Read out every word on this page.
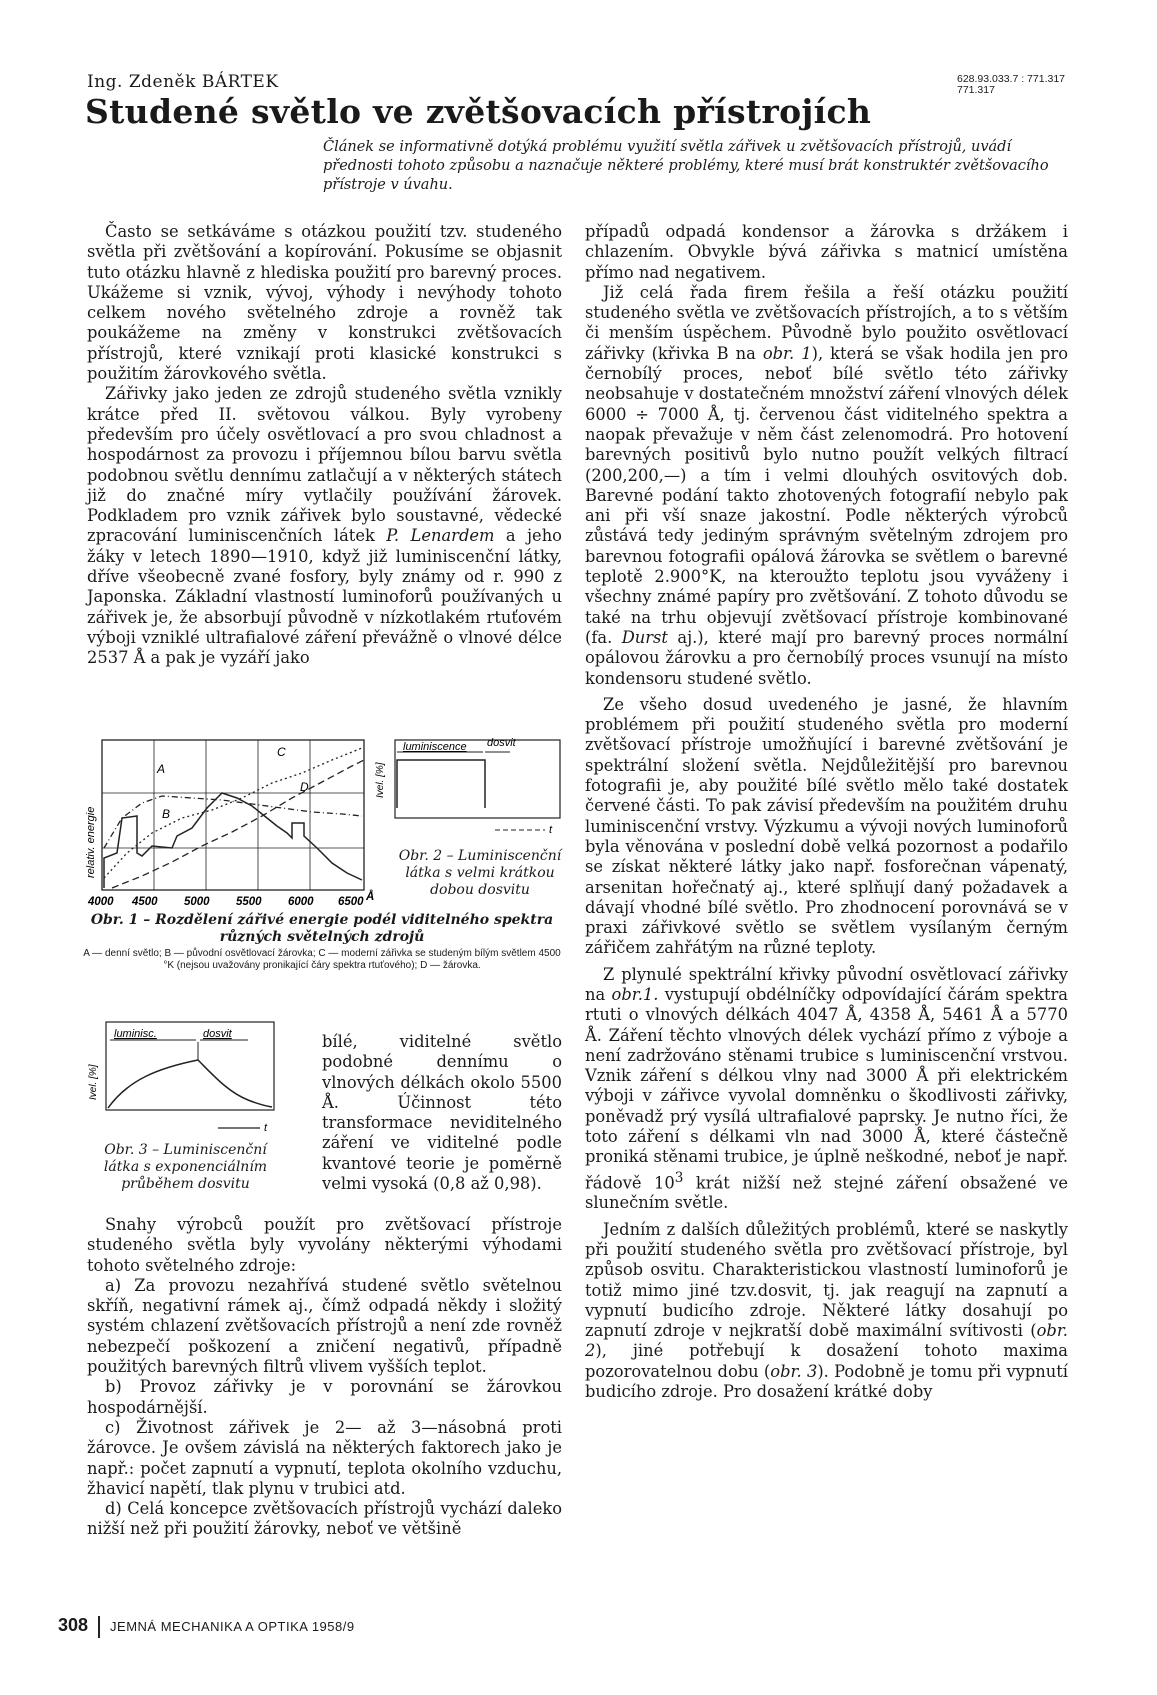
Ing. Zdeněk BÁRTEK
Studené světlo ve zvětšovacích přístrojích
628.93.033.7 : 771.317
771.317
Článek se informativně dotýká problému využití světla zářivek u zvětšovacích přístrojů, uvádí přednosti tohoto způsobu a naznačuje některé problémy, které musí brát konstruktér zvětšovacího přístroje v úvahu.

Často se setkáváme s otázkou použití tzv. studeného světla při zvětšování a kopírování. Pokusíme se objasnit tuto otázku hlavně z hlediska použití pro barevný proces. Ukážeme si vznik, vývoj, výhody i nevýhody tohoto celkem nového světelného zdroje a rovněž tak poukážeme na změny v konstrukci zvětšovacích přístrojů, které vznikají proti klasické konstrukci s použitím žárovkového světla.

Zářivky jako jeden ze zdrojů studeného světla vznikly krátce před II. světovou válkou. Byly vyrobeny především pro účely osvětlovací a pro svou chladnost a hospodárnost za provozu i příjemnou bílou barvu světla podobnou světlu dennímu zatlačují a v některých státech již do značné míry vytlačily používání žárovek. Podkladem pro vznik zářivek bylo soustavné, vědecké zpracování luminiscenčních látek P. Lenardem a jeho žáky v letech 1890—1910, když již luminiscenční látky, dříve všeobecně zvané fosfory, byly známy od r. 990 z Japonska. Základní vlastností luminoforů používaných u zářivek je, že absorbují původně v nízkotlakém rtuťovém výboji vzniklé ultrafialové záření převážně o vlnové délce 2537 Å a pak je vyzáří jako

C
A
B
D
relativ. energie
4000 4500 5000 5500 6000 6500 Å
Obr. 1 – Rozdělení zářivé energie podél viditelného spektra různých světelných zdrojů
A — denní světlo; B — původní osvětlovací žárovka; C — moderní zářivka se studeným bílým světlem 4500 °K (nejsou uvažovány pronikající čáry spektra rtuťového); D — žárovka.
luminiscence dosvit
Ivel. [%]
t
Obr. 2 – Luminiscenční látka s velmi krátkou dobou dosvitu
luminisc.	dosvit
Ivel. [%]
t
Obr. 3 – Luminiscenční látka s exponenciálním průběhem dosvitu

bílé, viditelné světlo podobné dennímu o vlnových délkách okolo 5500 Å. Účinnost této transformace neviditelného záření ve viditelné podle kvantové teorie je poměrně velmi vysoká (0,8 až 0,98).

Snahy výrobců použít pro zvětšovací přístroje studeného světla byly vyvolány některými výhodami tohoto světelného zdroje:

a) Za provozu nezahřívá studené světlo světelnou skříň, negativní rámek aj., čímž odpadá někdy i složitý systém chlazení zvětšovacích přístrojů a není zde rovněž nebezpečí poškození a zničení negativů, případně použitých barevných filtrů vlivem vyšších teplot.

b) Provoz zářivky je v porovnání se žárovkou hospodárnější.

c) Životnost zářivek je 2— až 3—násobná proti žárovce. Je ovšem závislá na některých faktorech jako je např.: počet zapnutí a vypnutí, teplota okolního vzduchu, žhavicí napětí, tlak plynu v trubici atd.

d) Celá koncepce zvětšovacích přístrojů vychází daleko nižší než při použití žárovky, neboť ve většině

případů odpadá kondensor a žárovka s držákem i chlazením. Obvykle bývá zářivka s matnicí umístěna přímo nad negativem.

Již celá řada firem řešila a řeší otázku použití studeného světla ve zvětšovacích přístrojích, a to s větším či menším úspěchem. Původně bylo použito osvětlovací zářivky (křivka B na obr. 1), která se však hodila jen pro černobílý proces, neboť bílé světlo této zářivky neobsahuje v dostatečném množství záření vlnových délek 6000 ÷ 7000 Å, tj. červenou část viditelného spektra a naopak převažuje v něm část zelenomodrá. Pro hotovení barevných positivů bylo nutno použít velkých filtrací (200,200,—) a tím i velmi dlouhých osvitových dob. Barevné podání takto zhotovených fotografií nebylo pak ani při vší snaze jakostní. Podle některých výrobců zůstává tedy jediným správným světelným zdrojem pro barevnou fotografii opálová žárovka se světlem o barevné teplotě 2.900°K, na kteroužto teplotu jsou vyváženy i všechny známé papíry pro zvětšování. Z tohoto důvodu se také na trhu objevují zvětšovací přístroje kombinované (fa. Durst aj.), které mají pro barevný proces normální opálovou žárovku a pro černobílý proces vsunují na místo kondensoru studené světlo.

Ze všeho dosud uvedeného je jasné, že hlavním problémem při použití studeného světla pro moderní zvětšovací přístroje umožňující i barevné zvětšování je spektrální složení světla. Nejdůležitější pro barevnou fotografii je, aby použité bílé světlo mělo také dostatek červené části. To pak závisí především na použitém druhu luminiscenční vrstvy. Výzkumu a vývoji nových luminoforů byla věnována v poslední době velká pozornost a podařilo se získat některé látky jako např. fosforečnan vápenatý, arsenitan hořečnatý aj., které splňují daný požadavek a dávají vhodné bílé světlo. Pro zhodnocení porovnává se v praxi zářivkové světlo se světlem vysílaným černým zářičem zahřátým na různé teploty.

Z plynulé spektrální křivky původní osvětlovací zářivky na obr.1. vystupují obdélníčky odpovídající čárám spektra rtuti o vlnových délkách 4047 Å, 4358 Å, 5461 Å a 5770 Å. Záření těchto vlnových délek vychází přímo z výboje a není zadržováno stěnami trubice s luminiscenční vrstvou. Vznik záření s délkou vlny nad 3000 Å při elektrickém výboji v zářivce vyvolal domněnku o škodlivosti zářivky, poněvadž prý vysílá ultrafialové paprsky. Je nutno říci, že toto záření s délkami vln nad 3000 Å, které částečně proniká stěnami trubice, je úplně neškodné, neboť je např. řádově $10^3$ krát nižší než stejné záření obsažené ve slunečním světle.

Jedním z dalších důležitých problémů, které se naskytly při použití studeného světla pro zvětšovací přístroje, byl způsob osvitu. Charakteristickou vlastností luminoforů je totiž mimo jiné tzv.dosvit, tj. jak reagují na zapnutí a vypnutí budicího zdroje. Některé látky dosahují po zapnutí zdroje v nejkratší době maximální svítivosti (obr. 2), jiné potřebují k dosažení tohoto maxima pozorovatelnou dobu (obr. 3). Podobně je tomu při vypnutí budicího zdroje. Pro dosažení krátké doby

308 JEMNÁ MECHANIKA A OPTIKA 1958/9
